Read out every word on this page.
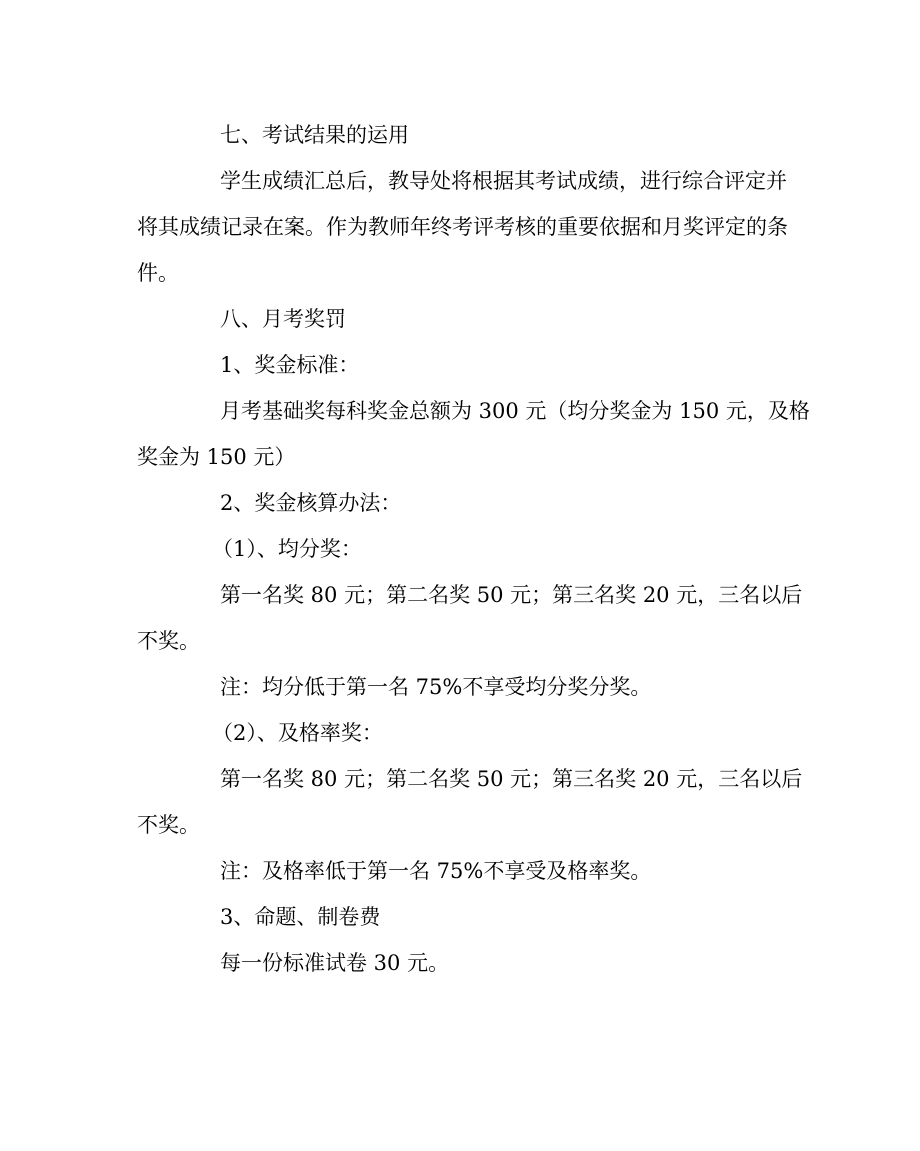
七、考试结果的运用

学生成绩汇总后，教导处将根据其考试成绩，进行综合评定并

将其成绩记录在案。作为教师年终考评考核的重要依据和月奖评定的条

件。

八、月考奖罚

1、奖金标准：

月考基础奖每科奖金总额为 300 元（均分奖金为 150 元，及格

奖金为 150 元）

2、奖金核算办法：

（1）、均分奖：

第一名奖 80 元；第二名奖 50 元；第三名奖 20 元，三名以后

不奖。

注：均分低于第一名 75%不享受均分奖分奖。

（2）、及格率奖：

第一名奖 80 元；第二名奖 50 元；第三名奖 20 元，三名以后

不奖。

注：及格率低于第一名 75%不享受及格率奖。

3、命题、制卷费

每一份标准试卷 30 元。
